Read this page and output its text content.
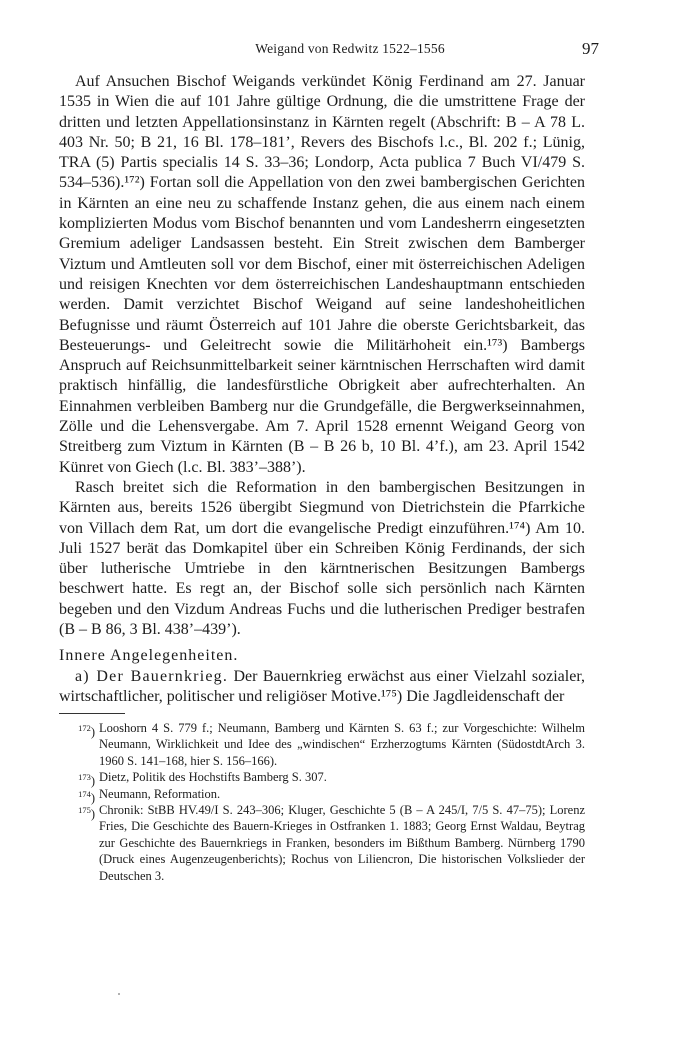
Weigand von Redwitz 1522–1556	97

Auf Ansuchen Bischof Weigands verkündet König Ferdinand am 27. Januar 1535 in Wien die auf 101 Jahre gültige Ordnung, die die umstrittene Frage der dritten und letzten Appellationsinstanz in Kärnten regelt (Abschrift: B – A 78 L. 403 Nr. 50; B 21, 16 Bl. 178–181’, Revers des Bischofs l.c., Bl. 202 f.; Lünig, TRA (5) Partis specialis 14 S. 33–36; Londorp, Acta publica 7 Buch VI/479 S. 534–536).¹⁷²) Fortan soll die Appellation von den zwei bambergischen Gerichten in Kärnten an eine neu zu schaffende Instanz gehen, die aus einem nach einem komplizierten Modus vom Bischof benannten und vom Landesherrn eingesetzten Gremium adeliger Landsassen besteht. Ein Streit zwischen dem Bamberger Viztum und Amtleuten soll vor dem Bischof, einer mit österreichischen Adeligen und reisigen Knechten vor dem österreichischen Landeshauptmann entschieden werden. Damit verzichtet Bischof Weigand auf seine landeshoheitlichen Befugnisse und räumt Österreich auf 101 Jahre die oberste Gerichtsbarkeit, das Besteuerungs- und Geleitrecht sowie die Militärhoheit ein.¹⁷³) Bambergs Anspruch auf Reichsunmittelbarkeit seiner kärntnischen Herrschaften wird damit praktisch hinfällig, die landesfürstliche Obrigkeit aber aufrechterhalten. An Einnahmen verbleiben Bamberg nur die Grundgefälle, die Bergwerkseinnahmen, Zölle und die Lehensvergabe. Am 7. April 1528 ernennt Weigand Georg von Streitberg zum Viztum in Kärnten (B – B 26 b, 10 Bl. 4’f.), am 23. April 1542 Künret von Giech (l.c. Bl. 383’–388’).

Rasch breitet sich die Reformation in den bambergischen Besitzungen in Kärnten aus, bereits 1526 übergibt Siegmund von Dietrichstein die Pfarrkiche von Villach dem Rat, um dort die evangelische Predigt einzuführen.¹⁷⁴) Am 10. Juli 1527 berät das Domkapitel über ein Schreiben König Ferdinands, der sich über lutherische Umtriebe in den kärntnerischen Besitzungen Bambergs beschwert hatte. Es regt an, der Bischof solle sich persönlich nach Kärnten begeben und den Vizdum Andreas Fuchs und die lutherischen Prediger bestrafen (B – B 86, 3 Bl. 438’–439’).

Innere Angelegenheiten.

a) Der Bauernkrieg. Der Bauernkrieg erwächst aus einer Vielzahl sozialer, wirtschaftlicher, politischer und religiöser Motive.¹⁷⁵) Die Jagdleidenschaft der

$^{172}$) Looshorn 4 S. 779 f.; Neumann, Bamberg und Kärnten S. 63 f.; zur Vorgeschichte: Wilhelm Neumann, Wirklichkeit und Idee des „windischen“ Erzherzogtums Kärnten (SüdostdtArch 3. 1960 S. 141–168, hier S. 156–166).

$^{173}$) Dietz, Politik des Hochstifts Bamberg S. 307.

$^{174}$) Neumann, Reformation.

$^{175}$) Chronik: StBB HV.49/I S. 243–306; Kluger, Geschichte 5 (B – A 245/I, 7/5 S. 47–75); Lorenz Fries, Die Geschichte des Bauern-Krieges in Ostfranken 1. 1883; Georg Ernst Waldau, Beytrag zur Geschichte des Bauernkriegs in Franken, besonders im Bißthum Bamberg. Nürnberg 1790 (Druck eines Augenzeugenberichts); Rochus von Liliencron, Die historischen Volkslieder der Deutschen 3.
